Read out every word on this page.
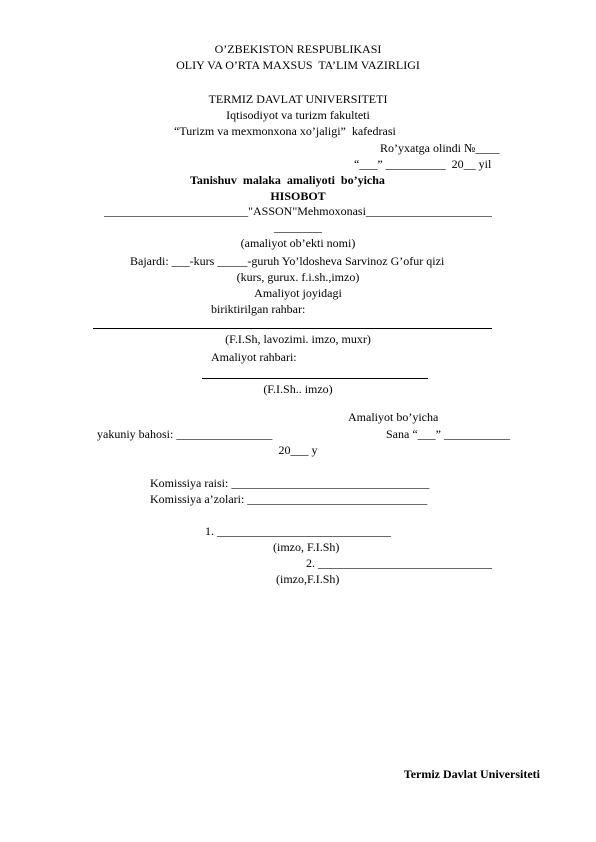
O’ZBEKISTON RESPUBLIKASI
OLIY VA O’RTA MAXSUS  TA’LIM VAZIRLIGI
TERMIZ DAVLAT UNIVERSITETI
Iqtisodiyot va turizm fakulteti
“Turizm va mexmonxona xo’jaligi”  kafedrasi
Ro’yxatga olindi №____
“___” __________  20__ yil
Tanishuv  malaka  amaliyoti  bo’yicha
HISOBOT
________________________"ASSON"Mehmoxonasi_____________________
________
(amaliyot ob’ekti nomi)
Bajardi: ___-kurs _____-guruh Yo’ldosheva Sarvinoz G’ofur qizi
(kurs, gurux. f.i.sh.,imzo)
Amaliyot joyidagi
biriktirilgan rahbar:
(F.I.Sh, lavozimi. imzo, muxr)
Amaliyot rahbari:
(F.I.Sh.. imzo)
Amaliyot bo’yicha
yakuniy bahosi: ________________	Sana “___” ___________
20___ y
Komissiya raisi: _________________________________
Komissiya a’zolari: ______________________________
1. _____________________________
(imzo, F.I.Sh)
2. _____________________________
(imzo,F.I.Sh)
Termiz Davlat Universiteti
